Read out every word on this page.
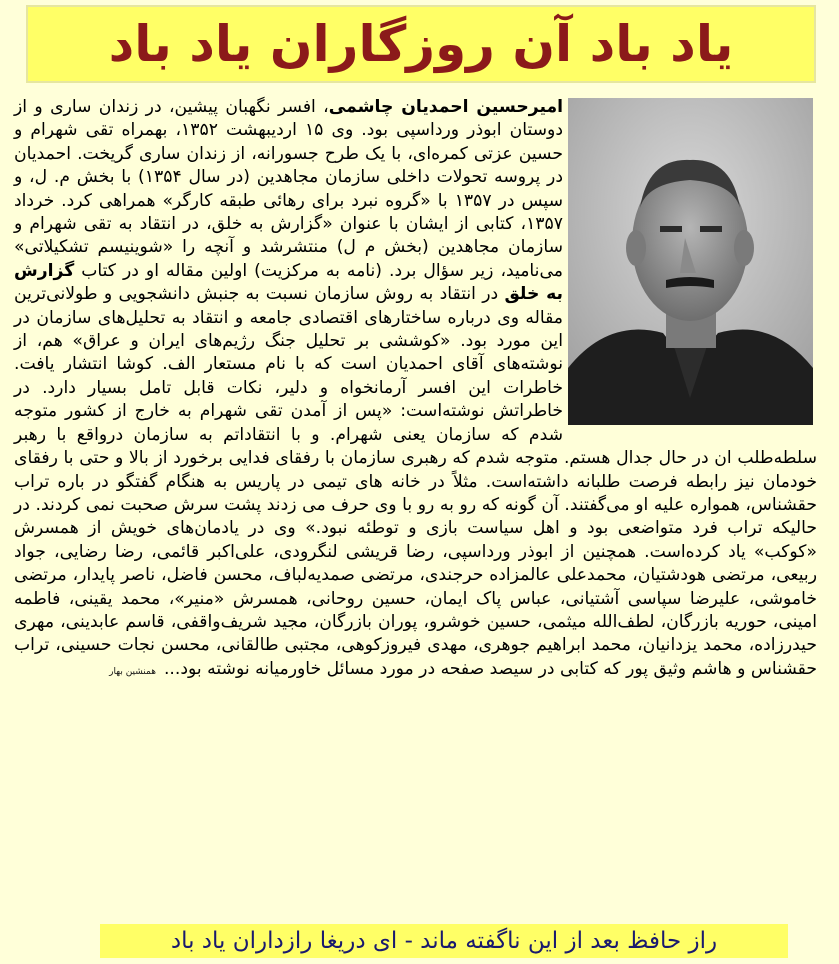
یاد باد آن روزگاران یاد باد

امیرحسین احمدیان چاشمی، افسر نگهبان پیشین، در زندان ساری و از دوستان ابوذر ورداسپی بود. وی ۱۵ اردیبهشت ۱۳۵۲، بهمراه تقی شهرام و حسین عزتی کمره‌ای، با یک طرح جسورانه، از زندان ساری گریخت. احمدیان در پروسه تحولات داخلی سازمان مجاهدین (در سال ۱۳۵۴) با بخش م. ل، و سپس در ۱۳۵۷ با «گروه نبرد برای رهائی طبقه کارگر» همراهی کرد. خرداد ۱۳۵۷، کتابی از ایشان با عنوان «گزارش به خلق، در انتقاد به تقی شهرام و سازمان مجاهدین (بخش م ل) منتشرشد و آنچه را «شوینیسم تشکیلاتی» می‌نامید، زیر سؤال برد. (نامه به مرکزیت) اولین مقاله او در کتاب گزارش به خلق در انتقاد به روش سازمان نسبت به جنبش دانشجویی و طولانی‌ترین مقاله وی درباره ساختارهای اقتصادی جامعه و انتقاد به تحلیل‌های سازمان در این مورد بود. «کوششی بر تحلیل جنگ رژیم‌های ایران و عراق» هم، از نوشته‌های آقای احمدیان است که با نام مستعار الف. کوشا انتشار یافت. خاطرات این افسر آرمانخواه و دلیر، نکات قابل تامل بسیار دارد. در خاطراتش نوشته‌است: «پس از آمدن تقی شهرام به خارج از کشور متوجه شدم که سازمان یعنی شهرام. و با انتقاداتم به سازمان درواقع با رهبر سلطه‌طلب ان در حال جدال هستم. متوجه شدم که رهبری سازمان با رفقای فدایی برخورد از بالا و حتی با رفقای خودمان نیز رابطه فرصت طلبانه داشته‌است. مثلاً در خانه های تیمی در پاریس به هنگام گفتگو در باره تراب حقشناس، همواره علیه او می‌گفتند. آن گونه که رو به رو با وی حرف می زدند پشت سرش صحبت نمی کردند. در حالیکه تراب فرد متواضعی بود و اهل سیاست بازی و توطئه نبود.» وی در یادمان‌های خویش از همسرش «کوکب» یاد کرده‌است. همچنین از ابوذر ورداسپی، رضا قریشی لنگرودی، علی‌اکبر قائمی، رضا رضایی، جواد ربیعی، مرتضی هودشتیان، محمدعلی عالمزاده حرجندی، مرتضی صمدیه‌لباف، محسن فاضل، ناصر پایدار، مرتضی خاموشی، علیرضا سپاسی آشتیانی، عباس پاک ایمان، حسین روحانی، همسرش «منیر»، محمد یقینی، فاطمه امینی، حوریه بازرگان، لطف‌الله میثمی، حسین خوشرو، پوران بازرگان، مجید شریف‌واقفی، قاسم عابدینی، مهری حیدرزاده، محمد یزدانیان، محمد ابراهیم جوهری، مهدی فیروزکوهی، مجتبی طالقانی، محسن نجات حسینی، تراب حقشناس و هاشم وثیق پور که کتابی در سیصد صفحه در مورد مسائل خاورمیانه نوشته بود...همنشین بهار

راز حافظ بعد از این ناگفته ماند - ای دریغا رازداران یاد باد
